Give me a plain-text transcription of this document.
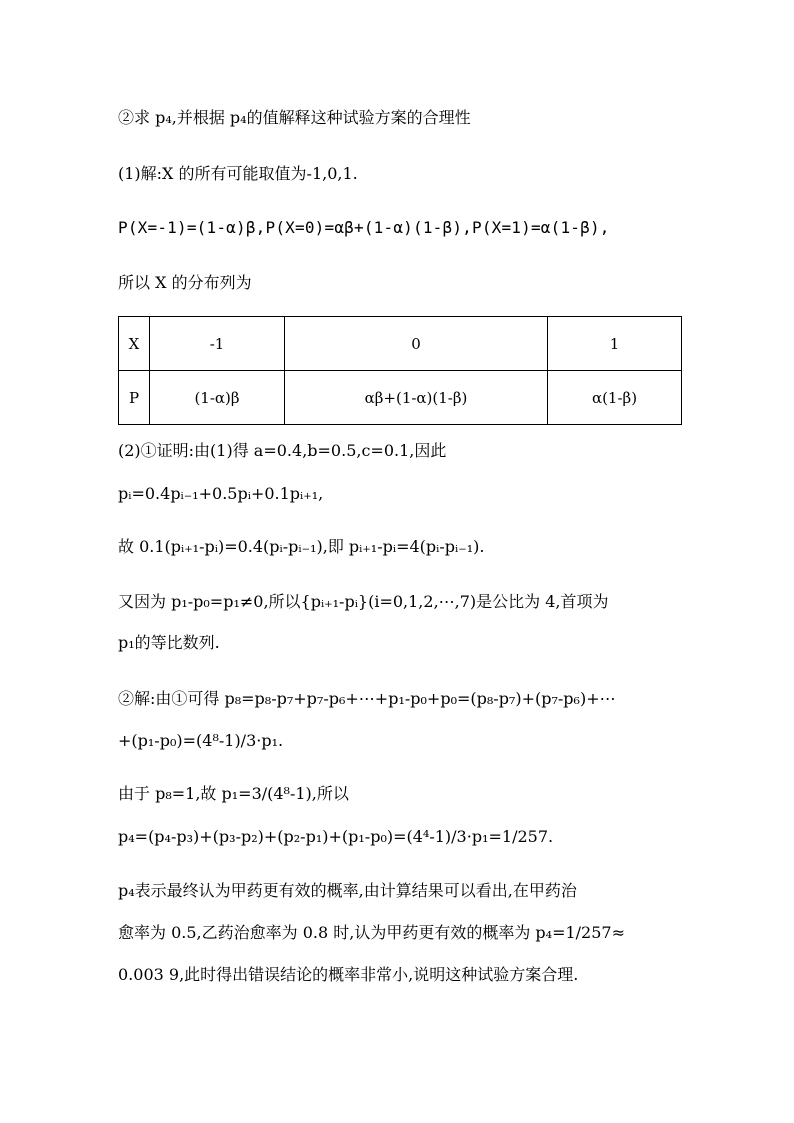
②求 p₄,并根据 p₄的值解释这种试验方案的合理性
(1)解:X 的所有可能取值为-1,0,1.
P(X=-1)=(1-α)β,P(X=0)=αβ+(1-α)(1-β),P(X=1)=α(1-β),
所以 X 的分布列为
X	-1	0	1
P	(1-α)β	αβ+(1-α)(1-β)	α(1-β)
(2)①证明:由(1)得 a=0.4,b=0.5,c=0.1,因此
pᵢ=0.4pᵢ₋₁+0.5pᵢ+0.1pᵢ₊₁,
故 0.1(pᵢ₊₁-pᵢ)=0.4(pᵢ-pᵢ₋₁),即 pᵢ₊₁-pᵢ=4(pᵢ-pᵢ₋₁).
又因为 p₁-p₀=p₁≠0,所以{pᵢ₊₁-pᵢ}(i=0,1,2,⋯,7)是公比为 4,首项为
p₁的等比数列.
②解:由①可得 p₈=p₈-p₇+p₇-p₆+⋯+p₁-p₀+p₀=(p₈-p₇)+(p₇-p₆)+⋯
+(p₁-p₀)=(4⁸-1)/3·p₁.
由于 p₈=1,故 p₁=3/(4⁸-1),所以
p₄=(p₄-p₃)+(p₃-p₂)+(p₂-p₁)+(p₁-p₀)=(4⁴-1)/3·p₁=1/257.
p₄表示最终认为甲药更有效的概率,由计算结果可以看出,在甲药治
愈率为 0.5,乙药治愈率为 0.8 时,认为甲药更有效的概率为 p₄=1/257≈
0.003 9,此时得出错误结论的概率非常小,说明这种试验方案合理.
